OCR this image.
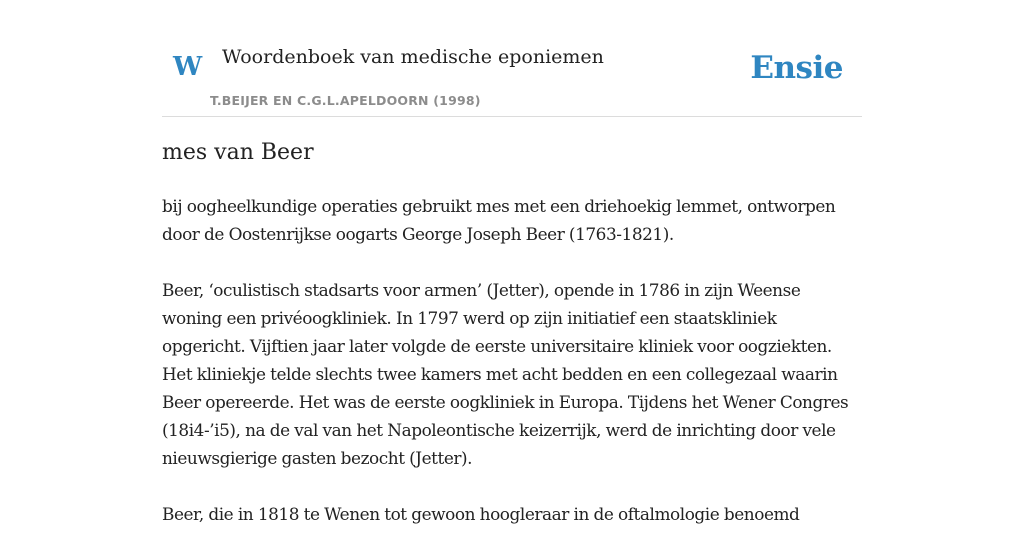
W Woordenboek van medische eponiemen
T.BEIJER EN C.G.L.APELDOORN (1998)
Ensie
mes van Beer

bij oogheelkundige operaties gebruikt mes met een driehoekig lemmet, ontworpen door de Oostenrijkse oogarts George Joseph Beer (1763-1821).

Beer, ‘oculistisch stadsarts voor armen’ (Jetter), opende in 1786 in zijn Weense woning een privéoogkliniek. In 1797 werd op zijn initiatief een staatskliniek opgericht. Vijftien jaar later volgde de eerste universitaire kliniek voor oogziekten. Het kliniekje telde slechts twee kamers met acht bedden en een collegezaal waarin Beer opereerde. Het was de eerste oogkliniek in Europa. Tijdens het Wener Congres (18i4-’i5), na de val van het Napoleontische keizerrijk, werd de inrichting door vele nieuwsgierige gasten bezocht (Jetter).

Beer, die in 1818 te Wenen tot gewoon hoogleraar in de oftalmologie benoemd
